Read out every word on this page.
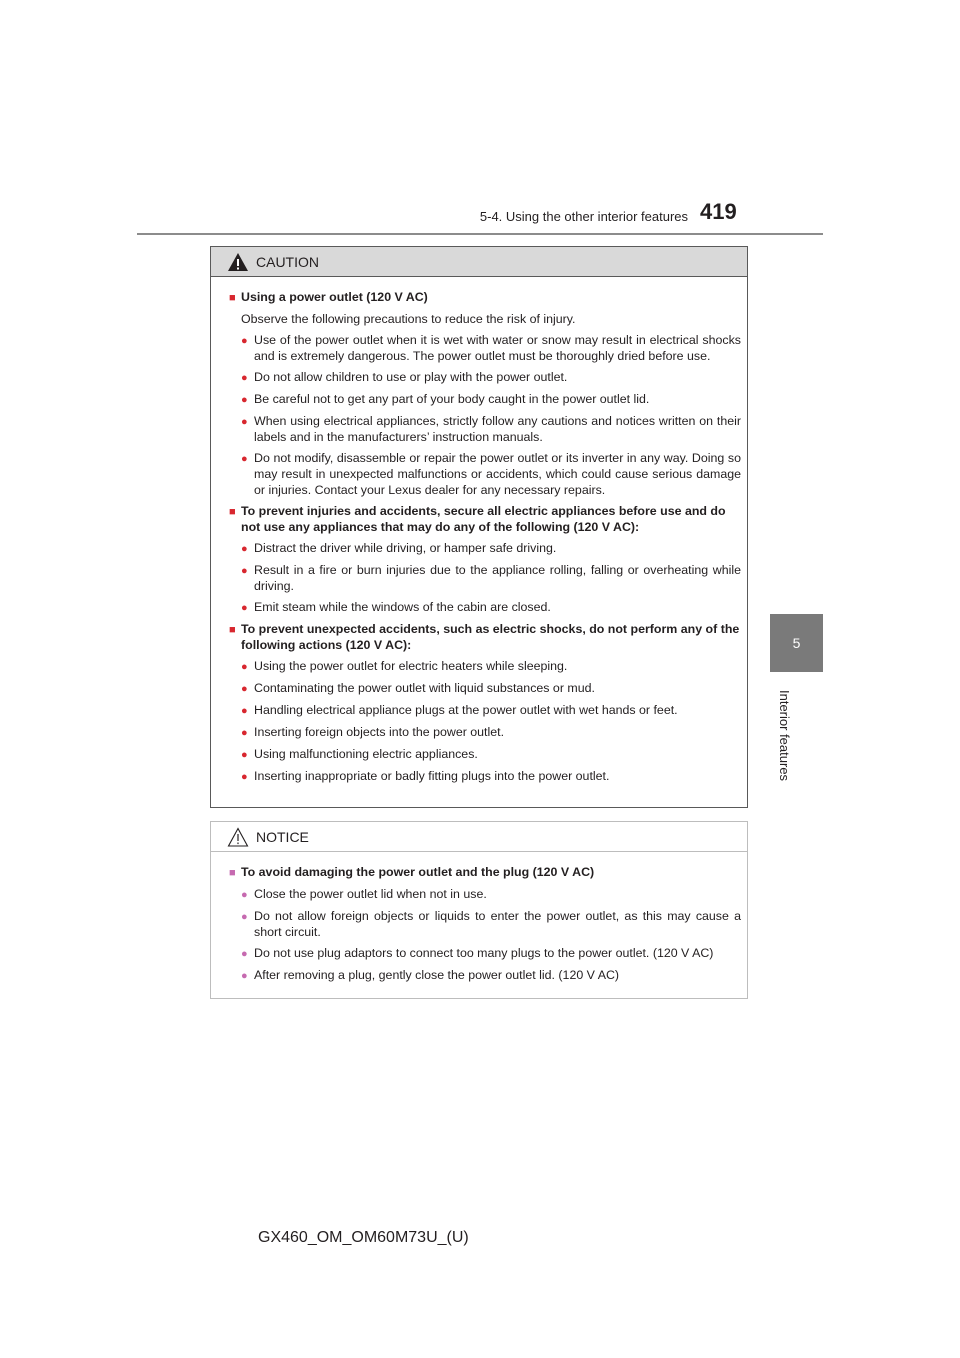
5-4. Using the other interior features 419
5
Interior features
CAUTION
■ Using a power outlet (120 V AC)
Observe the following precautions to reduce the risk of injury.
● Use of the power outlet when it is wet with water or snow may result in electrical shocks and is extremely dangerous. The power outlet must be thoroughly dried before use.
● Do not allow children to use or play with the power outlet.
● Be careful not to get any part of your body caught in the power outlet lid.
● When using electrical appliances, strictly follow any cautions and notices written on their labels and in the manufacturers’ instruction manuals.
● Do not modify, disassemble or repair the power outlet or its inverter in any way. Doing so may result in unexpected malfunctions or accidents, which could cause serious damage or injuries. Contact your Lexus dealer for any necessary repairs.
■ To prevent injuries and accidents, secure all electric appliances before use and do not use any appliances that may do any of the following (120 V AC):
● Distract the driver while driving, or hamper safe driving.
● Result in a fire or burn injuries due to the appliance rolling, falling or overheating while driving.
● Emit steam while the windows of the cabin are closed.
■ To prevent unexpected accidents, such as electric shocks, do not perform any of the following actions (120 V AC):
● Using the power outlet for electric heaters while sleeping.
● Contaminating the power outlet with liquid substances or mud.
● Handling electrical appliance plugs at the power outlet with wet hands or feet.
● Inserting foreign objects into the power outlet.
● Using malfunctioning electric appliances.
● Inserting inappropriate or badly fitting plugs into the power outlet.
NOTICE
■ To avoid damaging the power outlet and the plug (120 V AC)
● Close the power outlet lid when not in use.
● Do not allow foreign objects or liquids to enter the power outlet, as this may cause a short circuit.
● Do not use plug adaptors to connect too many plugs to the power outlet. (120 V AC)
● After removing a plug, gently close the power outlet lid. (120 V AC)
GX460_OM_OM60M73U_(U)
